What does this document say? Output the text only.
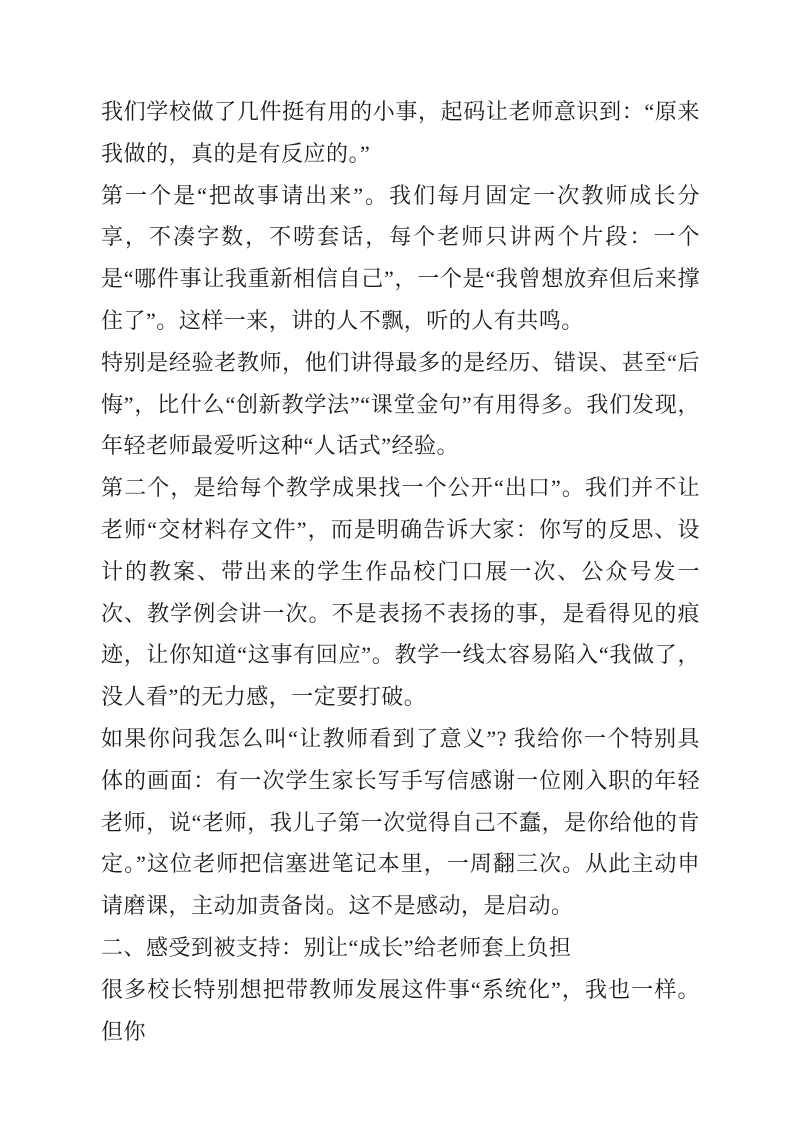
我们学校做了几件挺有用的小事，起码让老师意识到：“原来我做的，真的是有反应的。”

第一个是“把故事请出来”。我们每月固定一次教师成长分享，不凑字数，不唠套话，每个老师只讲两个片段：一个是“哪件事让我重新相信自己”，一个是“我曾想放弃但后来撑住了”。这样一来，讲的人不飘，听的人有共鸣。

特别是经验老教师，他们讲得最多的是经历、错误、甚至“后悔”，比什么“创新教学法”“课堂金句”有用得多。我们发现，年轻老师最爱听这种“人话式”经验。

第二个，是给每个教学成果找一个公开“出口”。我们并不让老师“交材料存文件”，而是明确告诉大家：你写的反思、设计的教案、带出来的学生作品校门口展一次、公众号发一次、教学例会讲一次。不是表扬不表扬的事，是看得见的痕迹，让你知道“这事有回应”。教学一线太容易陷入“我做了，没人看”的无力感，一定要打破。

如果你问我怎么叫“让教师看到了意义”? 我给你一个特别具体的画面：有一次学生家长写手写信感谢一位刚入职的年轻老师，说“老师，我儿子第一次觉得自己不蠢，是你给他的肯定。”这位老师把信塞进笔记本里，一周翻三次。从此主动申请磨课，主动加责备岗。这不是感动，是启动。

二、感受到被支持：别让“成长”给老师套上负担

很多校长特别想把带教师发展这件事“系统化”，我也一样。但你
